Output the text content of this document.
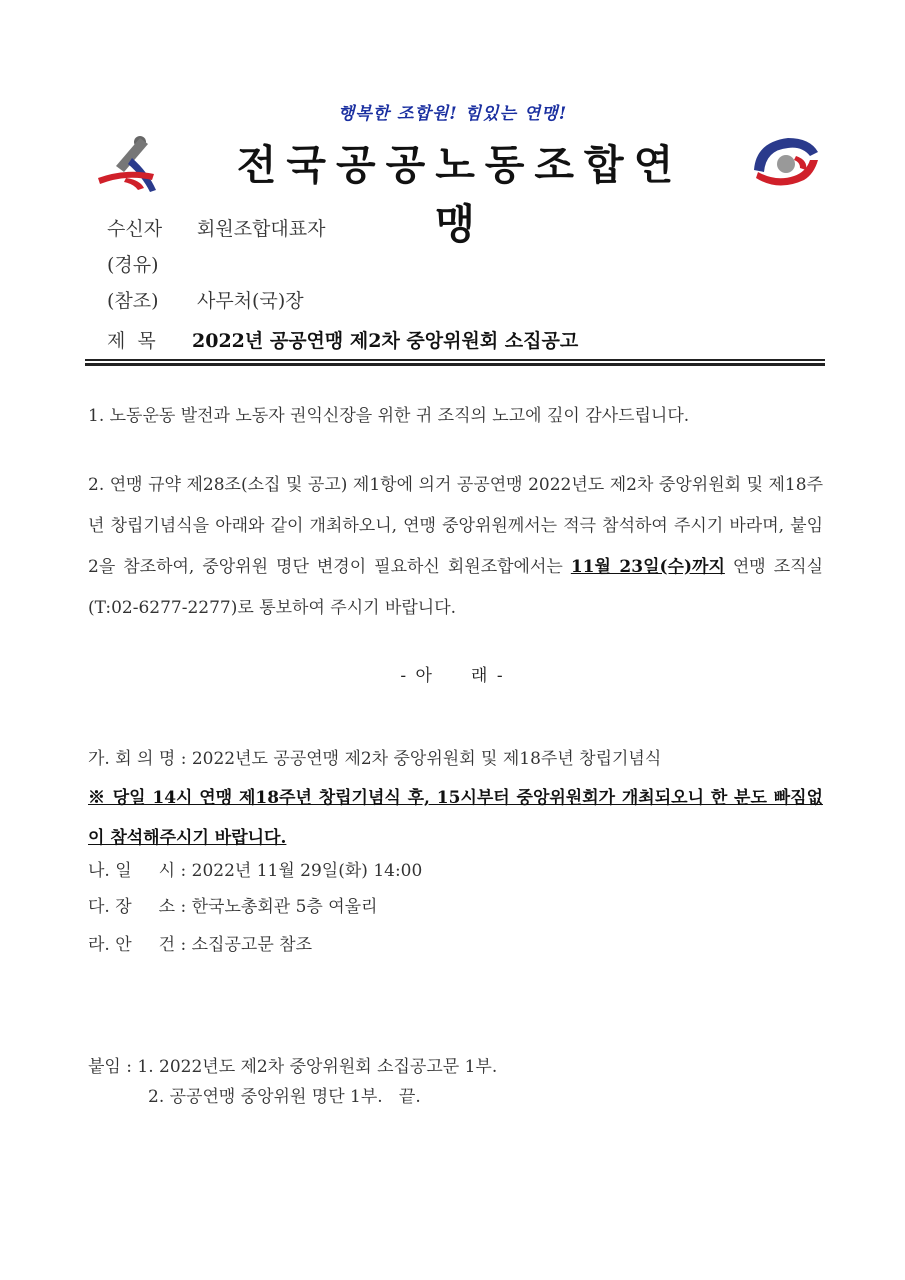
행복한 조합원! 힘있는 연맹!
전국공공노동조합연맹
수신자 회원조합대표자
(경유)
(참조) 사무처(국)장
제  목 2022년 공공연맹 제2차 중앙위원회 소집공고
1. 노동운동 발전과 노동자 권익신장을 위한 귀 조직의 노고에 깊이 감사드립니다.
2. 연맹 규약 제28조(소집 및 공고) 제1항에 의거 공공연맹 2022년도 제2차 중앙위원회 및 제18주년 창립기념식을 아래와 같이 개최하오니, 연맹 중앙위원께서는 적극 참석하여 주시기 바라며, 붙임2을 참조하여, 중앙위원 명단 변경이 필요하신 회원조합에서는 11월 23일(수)까지 연맹 조직실(T:02-6277-2277)로 통보하여 주시기 바랍니다.
- 아     래 -
가. 회 의 명 : 2022년도 공공연맹 제2차 중앙위원회 및 제18주년 창립기념식
※ 당일 14시 연맹 제18주년 창립기념식 후, 15시부터 중앙위원회가 개최되오니 한 분도 빠짐없이 참석해주시기 바랍니다.
나. 일     시 : 2022년 11월 29일(화) 14:00
다. 장     소 : 한국노총회관 5층 여울리
라. 안     건 : 소집공고문 참조
붙임 : 1. 2022년도 제2차 중앙위원회 소집공고문 1부.
2. 공공연맹 중앙위원 명단 1부.   끝.
